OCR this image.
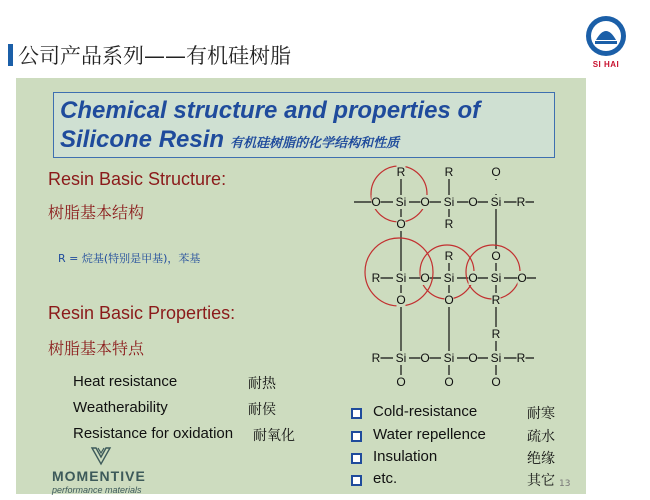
公司产品系列——有机硅树脂	SI HAI
Chemical structure and properties of
Silicone Resin 有机硅树脂的化学结构和性质
Resin Basic Structure:
树脂基本结构
R = 烷基(特别是甲基)，苯基
Resin Basic Properties:
树脂基本特点
Heat resistance	耐热
Weatherability	耐侯
Resistance for oxidation 耐氧化
Cold-resistance	耐寒
Water repellence	疏水
Insulation	绝缘
etc.	其它
R	R	O
O Si O Si O Si R
R
O
R	O
R Si O Si O Si O
O	O	R
R
R Si O Si O Si R
O	O	O
MOMENTIVE
performance materials
13
